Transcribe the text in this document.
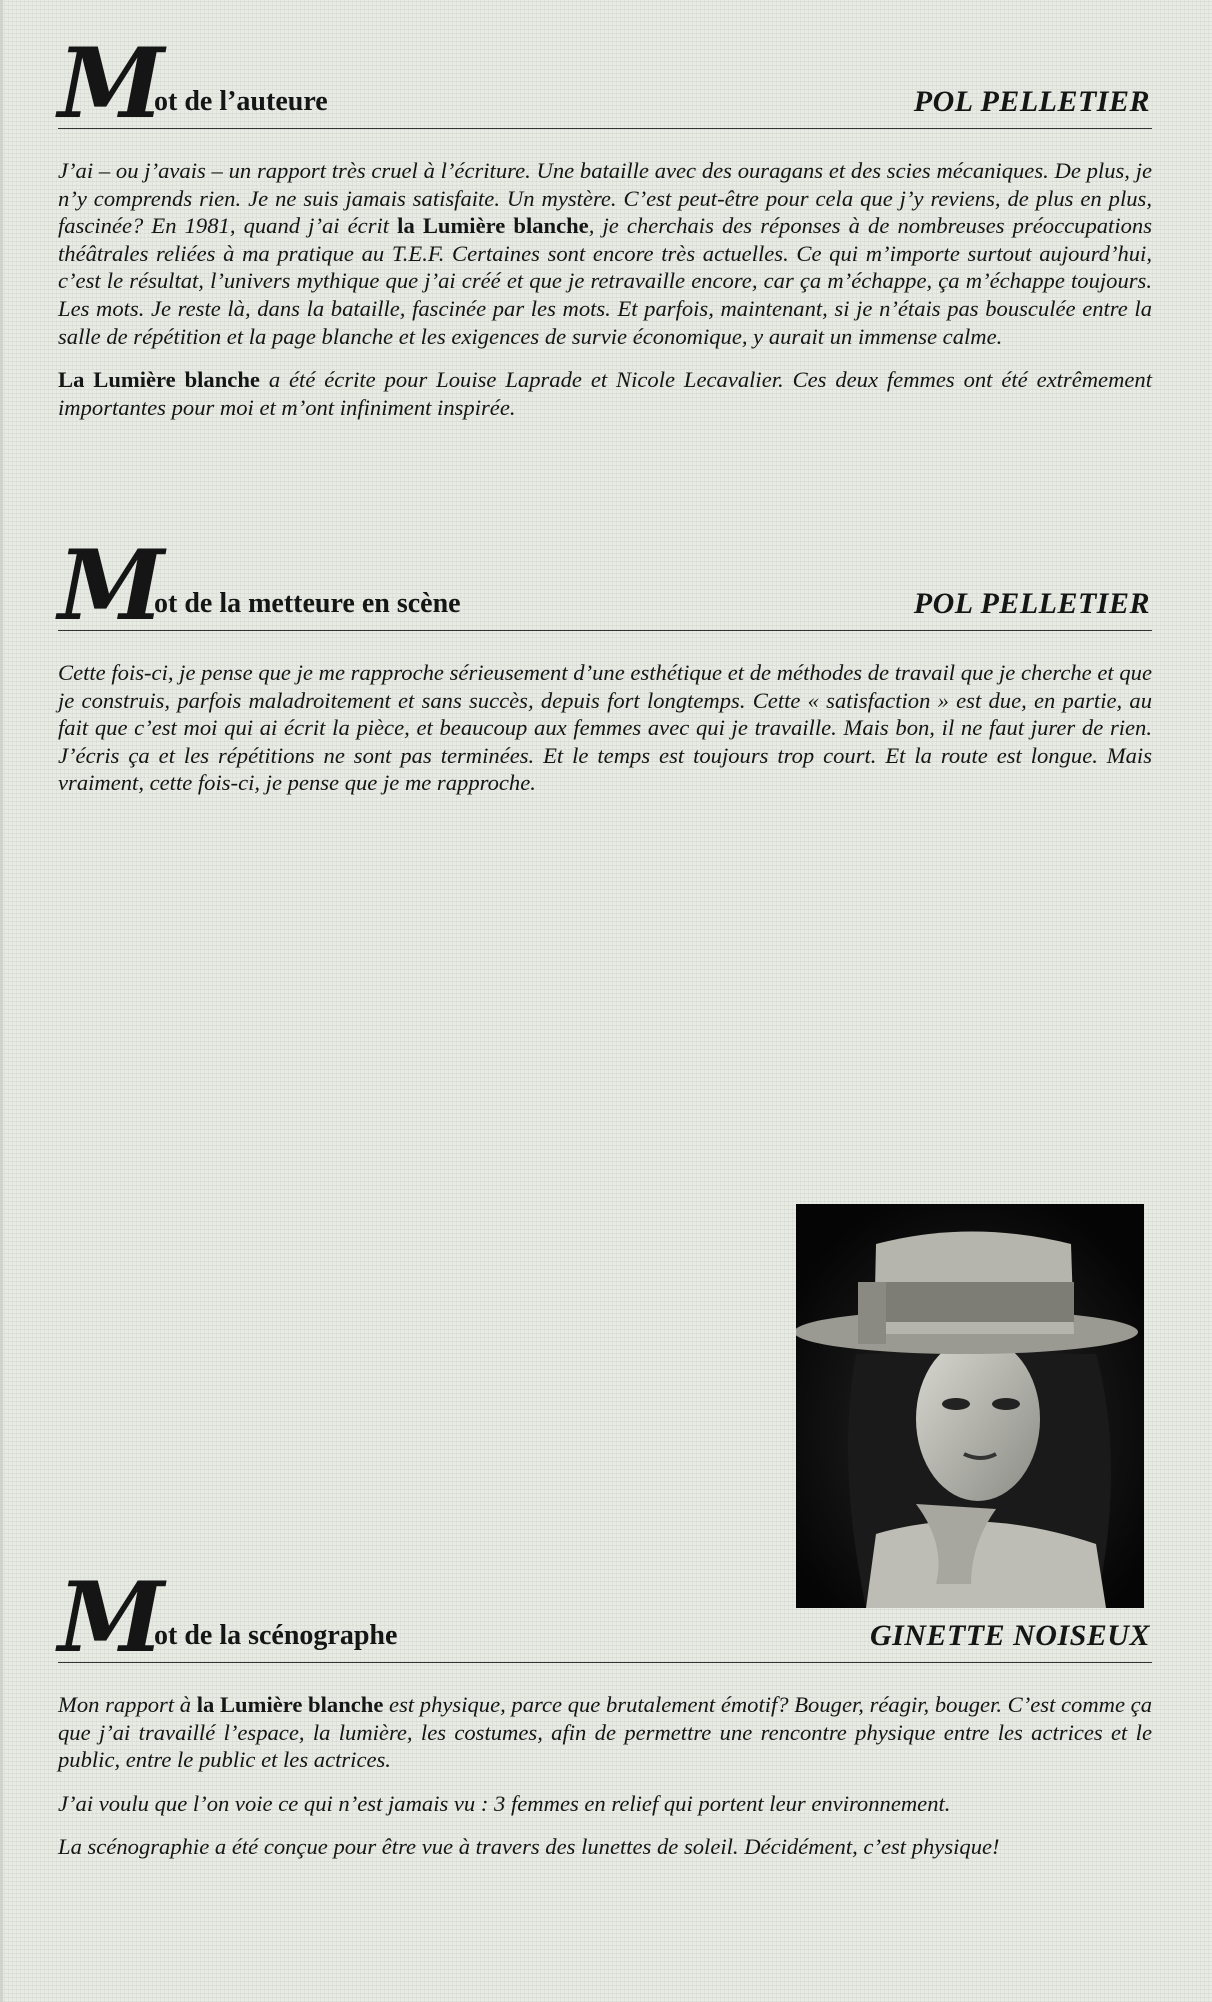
M
ot de l’auteure	POL PELLETIER

J’ai – ou j’avais – un rapport très cruel à l’écriture. Une bataille avec des ouragans et des scies mécaniques. De plus, je n’y comprends rien. Je ne suis jamais satisfaite. Un mystère. C’est peut-être pour cela que j’y reviens, de plus en plus, fascinée? En 1981, quand j’ai écrit la Lumière blanche, je cherchais des réponses à de nombreuses préoccupations théâtrales reliées à ma pratique au T.E.F. Certaines sont encore très actuelles. Ce qui m’importe surtout aujourd’hui, c’est le résultat, l’univers mythique que j’ai créé et que je retravaille encore, car ça m’échappe, ça m’échappe toujours. Les mots. Je reste là, dans la bataille, fascinée par les mots. Et parfois, maintenant, si je n’étais pas bousculée entre la salle de répétition et la page blanche et les exigences de survie économique, y aurait un immense calme.

La Lumière blanche a été écrite pour Louise Laprade et Nicole Lecavalier. Ces deux femmes ont été extrêmement importantes pour moi et m’ont infiniment inspirée.

M
ot de la metteure en scène	POL PELLETIER

Cette fois-ci, je pense que je me rapproche sérieusement d’une esthétique et de méthodes de travail que je cherche et que je construis, parfois maladroitement et sans succès, depuis fort longtemps. Cette « satisfaction » est due, en partie, au fait que c’est moi qui ai écrit la pièce, et beaucoup aux femmes avec qui je travaille. Mais bon, il ne faut jurer de rien. J’écris ça et les répétitions ne sont pas terminées. Et le temps est toujours trop court. Et la route est longue. Mais vraiment, cette fois-ci, je pense que je me rapproche.

M
ot de la scénographe	GINETTE NOISEUX

Mon rapport à la Lumière blanche est physique, parce que brutalement émotif? Bouger, réagir, bouger. C’est comme ça que j’ai travaillé l’espace, la lumière, les costumes, afin de permettre une rencontre physique entre les actrices et le public, entre le public et les actrices.

J’ai voulu que l’on voie ce qui n’est jamais vu : 3 femmes en relief qui portent leur environnement.

La scénographie a été conçue pour être vue à travers des lunettes de soleil. Décidément, c’est physique!
